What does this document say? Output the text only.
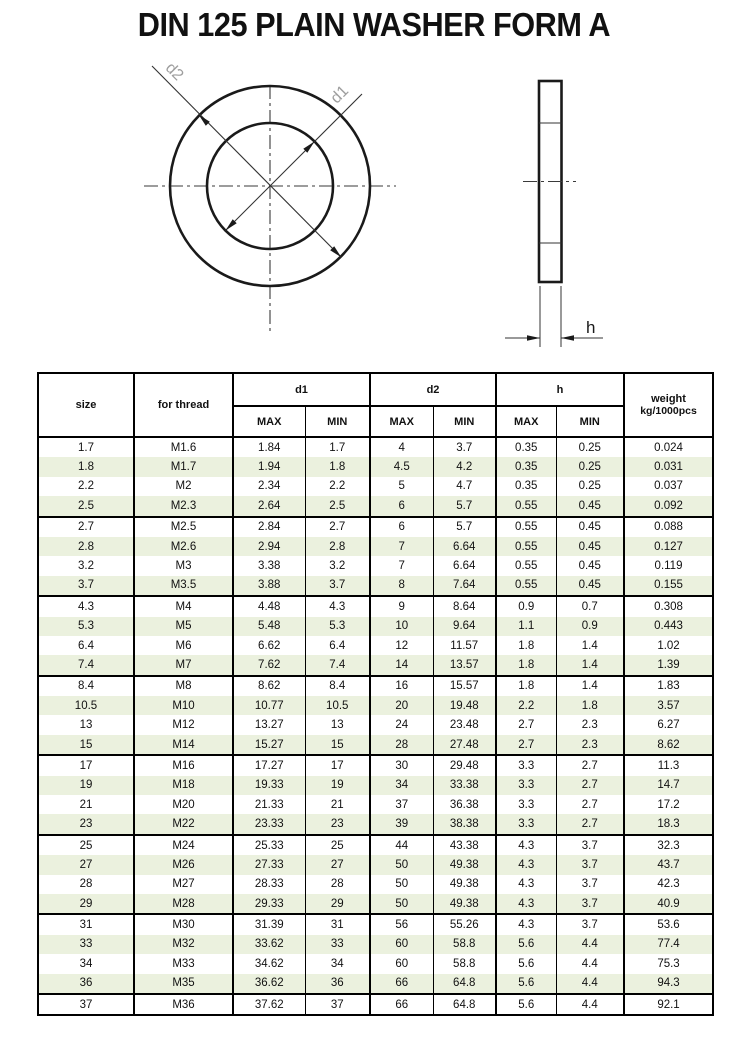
DIN 125 PLAIN WASHER FORM A
d2
d1
h
size	for thread	d1		d2		h		weight
kg/1000pcs

		MAX	MIN	MAX	MIN	MAX	MIN	
1.7	M1.6	1.84	1.7	4	3.7	0.35	0.25	0.024
1.8	M1.7	1.94	1.8	4.5	4.2	0.35	0.25	0.031
2.2	M2	2.34	2.2	5	4.7	0.35	0.25	0.037
2.5	M2.3	2.64	2.5	6	5.7	0.55	0.45	0.092
2.7	M2.5	2.84	2.7	6	5.7	0.55	0.45	0.088
2.8	M2.6	2.94	2.8	7	6.64	0.55	0.45	0.127
3.2	M3	3.38	3.2	7	6.64	0.55	0.45	0.119
3.7	M3.5	3.88	3.7	8	7.64	0.55	0.45	0.155
4.3	M4	4.48	4.3	9	8.64	0.9	0.7	0.308
5.3	M5	5.48	5.3	10	9.64	1.1	0.9	0.443
6.4	M6	6.62	6.4	12	11.57	1.8	1.4	1.02
7.4	M7	7.62	7.4	14	13.57	1.8	1.4	1.39
8.4	M8	8.62	8.4	16	15.57	1.8	1.4	1.83
10.5	M10	10.77	10.5	20	19.48	2.2	1.8	3.57
13	M12	13.27	13	24	23.48	2.7	2.3	6.27
15	M14	15.27	15	28	27.48	2.7	2.3	8.62
17	M16	17.27	17	30	29.48	3.3	2.7	11.3
19	M18	19.33	19	34	33.38	3.3	2.7	14.7
21	M20	21.33	21	37	36.38	3.3	2.7	17.2
23	M22	23.33	23	39	38.38	3.3	2.7	18.3
25	M24	25.33	25	44	43.38	4.3	3.7	32.3
27	M26	27.33	27	50	49.38	4.3	3.7	43.7
28	M27	28.33	28	50	49.38	4.3	3.7	42.3
29	M28	29.33	29	50	49.38	4.3	3.7	40.9
31	M30	31.39	31	56	55.26	4.3	3.7	53.6
33	M32	33.62	33	60	58.8	5.6	4.4	77.4
34	M33	34.62	34	60	58.8	5.6	4.4	75.3
36	M35	36.62	36	66	64.8	5.6	4.4	94.3
37	M36	37.62	37	66	64.8	5.6	4.4	92.1
